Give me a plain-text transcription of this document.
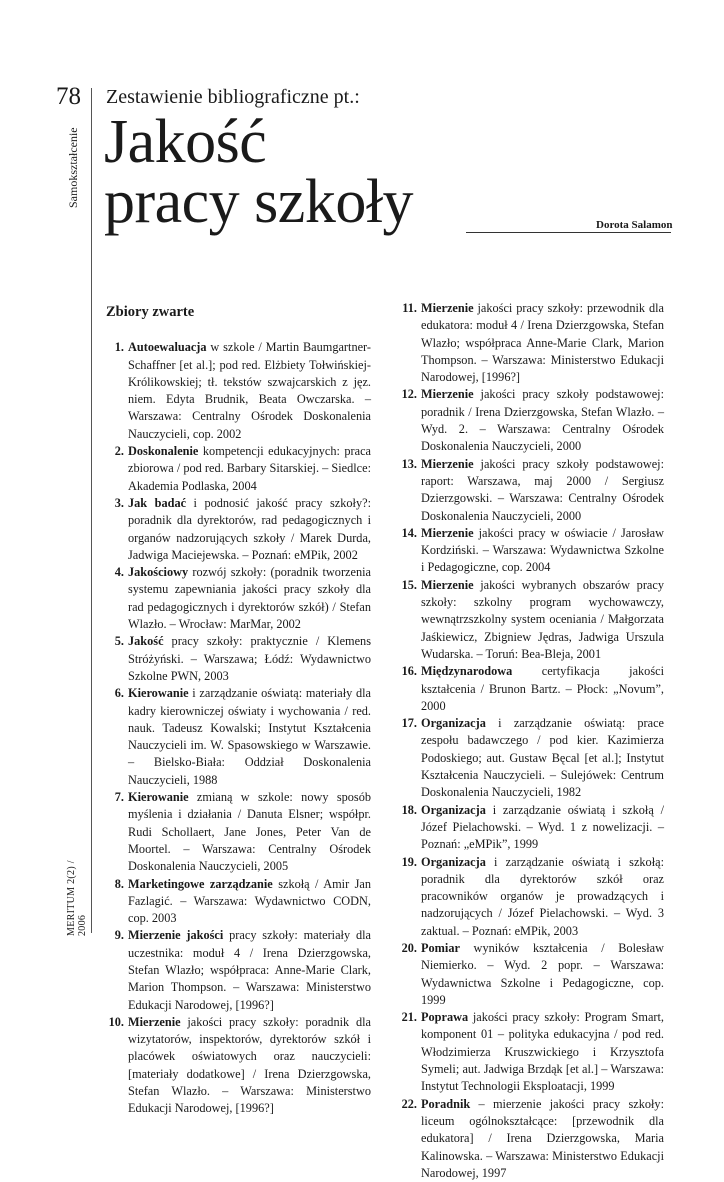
78
Samokształcenie
MERITUM 2(2) / 2006
Zestawienie bibliograficzne pt.:
Jakość
pracy szkoły	Dorota Salamon
Zbiory zwarte
1. Autoewaluacja w szkole / Martin Baumgartner-Schaffner [et al.]; pod red. Elżbiety Tołwińskiej-Królikowskiej; tł. tekstów szwajcarskich z jęz. niem. Edyta Brudnik, Beata Owczarska. – Warszawa: Centralny Ośrodek Doskonalenia Nauczycieli, cop. 2002
2. Doskonalenie kompetencji edukacyjnych: praca zbiorowa / pod red. Barbary Sitarskiej. – Siedlce: Akademia Podlaska, 2004
3. Jak badać i podnosić jakość pracy szkoły?: poradnik dla dyrektorów, rad pedagogicznych i organów nadzorujących szkoły / Marek Durda, Jadwiga Maciejewska. – Poznań: eMPik, 2002
4. Jakościowy rozwój szkoły: (poradnik tworzenia systemu zapewniania jakości pracy szkoły dla rad pedagogicznych i dyrektorów szkół) / Stefan Wlazło. – Wrocław: MarMar, 2002
5. Jakość pracy szkoły: praktycznie / Klemens Stróżyński. – Warszawa; Łódź: Wydawnictwo Szkolne PWN, 2003
6. Kierowanie i zarządzanie oświatą: materiały dla kadry kierowniczej oświaty i wychowania / red. nauk. Tadeusz Kowalski; Instytut Kształcenia Nauczycieli im. W. Spasowskiego w Warszawie. – Bielsko-Biała: Oddział Doskonalenia Nauczycieli, 1988
7. Kierowanie zmianą w szkole: nowy sposób myślenia i działania / Danuta Elsner; współpr. Rudi Schollaert, Jane Jones, Peter Van de Moortel. – Warszawa: Centralny Ośrodek Doskonalenia Nauczycieli, 2005
8. Marketingowe zarządzanie szkołą / Amir Jan Fazlagić. – Warszawa: Wydawnictwo CODN, cop. 2003
9. Mierzenie jakości pracy szkoły: materiały dla uczestnika: moduł 4 / Irena Dzierzgowska, Stefan Wlazło; współpraca: Anne-Marie Clark, Marion Thompson. – Warszawa: Ministerstwo Edukacji Narodowej, [1996?]
10. Mierzenie jakości pracy szkoły: poradnik dla wizytatorów, inspektorów, dyrektorów szkół i placówek oświatowych oraz nauczycieli: [materiały dodatkowe] / Irena Dzierzgowska, Stefan Wlazło. – Warszawa: Ministerstwo Edukacji Narodowej, [1996?]
11. Mierzenie jakości pracy szkoły: przewodnik dla edukatora: moduł 4 / Irena Dzierzgowska, Stefan Wlazło; współpraca Anne-Marie Clark, Marion Thompson. – Warszawa: Ministerstwo Edukacji Narodowej, [1996?]
12. Mierzenie jakości pracy szkoły podstawowej: poradnik / Irena Dzierzgowska, Stefan Wlazło. – Wyd. 2. – Warszawa: Centralny Ośrodek Doskonalenia Nauczycieli, 2000
13. Mierzenie jakości pracy szkoły podstawowej: raport: Warszawa, maj 2000 / Sergiusz Dzierzgowski. – Warszawa: Centralny Ośrodek Doskonalenia Nauczycieli, 2000
14. Mierzenie jakości pracy w oświacie / Jarosław Kordziński. – Warszawa: Wydawnictwa Szkolne i Pedagogiczne, cop. 2004
15. Mierzenie jakości wybranych obszarów pracy szkoły: szkolny program wychowawczy, wewnątrzszkolny system oceniania / Małgorzata Jaśkiewicz, Zbigniew Jędras, Jadwiga Urszula Wudarska. – Toruń: Bea-Bleja, 2001
16. Międzynarodowa certyfikacja jakości kształcenia / Brunon Bartz. – Płock: „Novum”, 2000
17. Organizacja i zarządzanie oświatą: prace zespołu badawczego / pod kier. Kazimierza Podoskiego; aut. Gustaw Bęcal [et al.]; Instytut Kształcenia Nauczycieli. – Sulejówek: Centrum Doskonalenia Nauczycieli, 1982
18. Organizacja i zarządzanie oświatą i szkołą / Józef Pielachowski. – Wyd. 1 z nowelizacjі. – Poznań: „eMPik”, 1999
19. Organizacja i zarządzanie oświatą i szkołą: poradnik dla dyrektorów szkół oraz pracowników organów je prowadzących i nadzorujących / Józef Pielachowski. – Wyd. 3 zaktual. – Poznań: eMPik, 2003
20. Pomiar wyników kształcenia / Bolesław Niemierko. – Wyd. 2 popr. – Warszawa: Wydawnictwa Szkolne i Pedagogiczne, cop. 1999
21. Poprawa jakości pracy szkoły: Program Smart, komponent 01 – polityka edukacyjna / pod red. Włodzimierza Kruszwickiego i Krzysztofa Symeli; aut. Jadwiga Brzdąk [et al.] – Warszawa: Instytut Technologii Eksploatacji, 1999
22. Poradnik – mierzenie jakości pracy szkoły: liceum ogólnokształcące: [przewodnik dla edukatora] / Irena Dzierzgowska, Maria Kalinowska. – Warszawa: Ministerstwo Edukacji Narodowej, 1997
